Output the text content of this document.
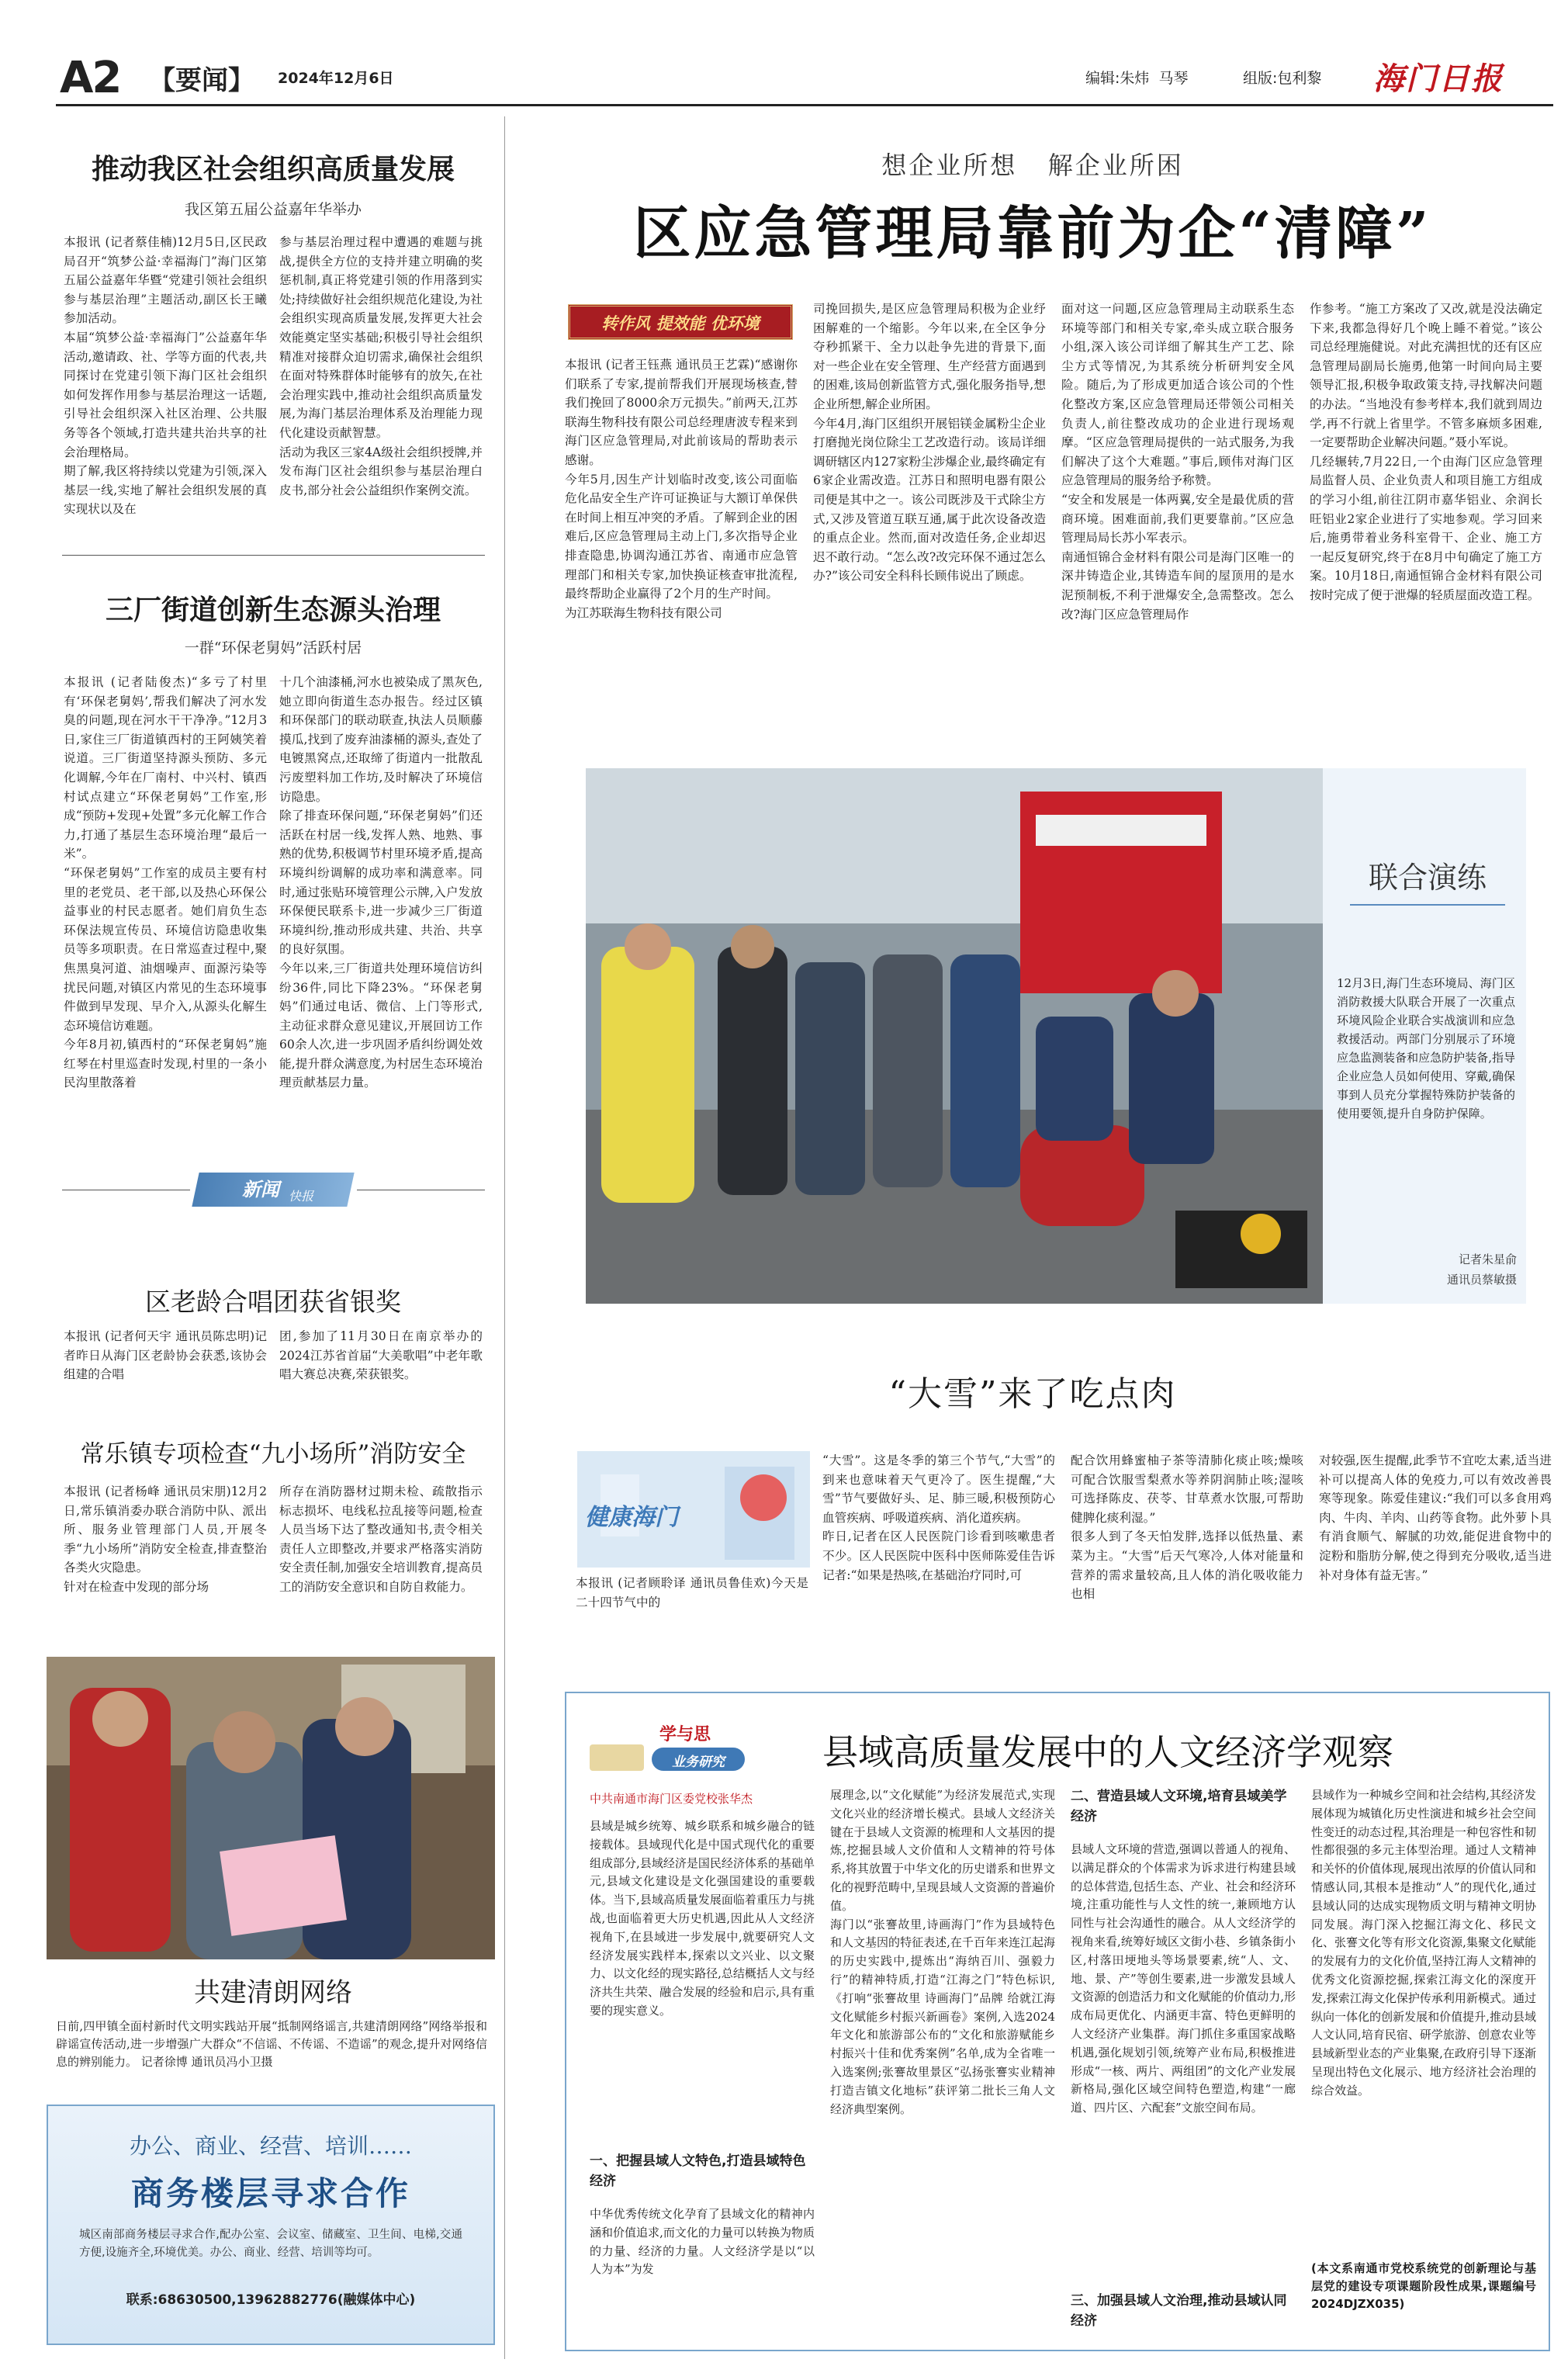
A2 【要闻】 2024年12月6日	编辑:朱炜  马琴	组版:包利黎 海门日报
推动我区社会组织高质量发展
我区第五届公益嘉年华举办
本报讯 (记者蔡佳楠)12月5日,区民政局召开“筑梦公益·幸福海门”海门区第五届公益嘉年华暨“党建引领社会组织参与基层治理”主题活动,副区长王曦参加活动。
本届“筑梦公益·幸福海门”公益嘉年华活动,邀请政、社、学等方面的代表,共同探讨在党建引领下海门区社会组织如何发挥作用参与基层治理这一话题,引导社会组织深入社区治理、公共服务等各个领域,打造共建共治共享的社会治理格局。
期了解,我区将持续以党建为引领,深入基层一线,实地了解社会组织发展的真实现状以及在
参与基层治理过程中遭遇的难题与挑战,提供全方位的支持并建立明确的奖惩机制,真正将党建引领的作用落到实处;持续做好社会组织规范化建设,为社会组织实现高质量发展,发挥更大社会效能奠定坚实基础;积极引导社会组织精准对接群众迫切需求,确保社会组织在面对特殊群体时能够有的放矢,在社会治理实践中,推动社会组织高质量发展,为海门基层治理体系及治理能力现代化建设贡献智慧。
活动为我区三家4A级社会组织授牌,并发布海门区社会组织参与基层治理白皮书,部分社会公益组织作案例交流。
三厂街道创新生态源头治理
一群“环保老舅妈”活跃村居
本报讯 (记者陆俊杰)“多亏了村里有‘环保老舅妈’,帮我们解决了河水发臭的问题,现在河水干干净净。”12月3日,家住三厂街道镇西村的王阿姨笑着说道。三厂街道坚持源头预防、多元化调解,今年在厂南村、中兴村、镇西村试点建立“环保老舅妈”工作室,形成“预防+发现+处置”多元化解工作合力,打通了基层生态环境治理“最后一米”。
“环保老舅妈”工作室的成员主要有村里的老党员、老干部,以及热心环保公益事业的村民志愿者。她们肩负生态环保法规宣传员、环境信访隐患收集员等多项职责。在日常巡查过程中,聚焦黑臭河道、油烟噪声、面源污染等扰民问题,对镇区内常见的生态环境事件做到早发现、早介入,从源头化解生态环境信访难题。
今年8月初,镇西村的“环保老舅妈”施红琴在村里巡查时发现,村里的一条小民沟里散落着
十几个油漆桶,河水也被染成了黑灰色,她立即向街道生态办报告。经过区镇和环保部门的联动联查,执法人员顺藤摸瓜,找到了废弃油漆桶的源头,查处了电镀黑窝点,还取缔了街道内一批散乱污废塑料加工作坊,及时解决了环境信访隐患。
除了排查环保问题,“环保老舅妈”们还活跃在村居一线,发挥人熟、地熟、事熟的优势,积极调节村里环境矛盾,提高环境纠纷调解的成功率和满意率。同时,通过张贴环境管理公示牌,入户发放环保便民联系卡,进一步减少三厂街道环境纠纷,推动形成共建、共治、共享的良好氛围。
今年以来,三厂街道共处理环境信访纠纷36件,同比下降23%。“环保老舅妈”们通过电话、微信、上门等形式,主动征求群众意见建议,开展回访工作60余人次,进一步巩固矛盾纠纷调处效能,提升群众满意度,为村居生态环境治理贡献基层力量。
新闻 快报
区老龄合唱团获省银奖
本报讯 (记者何天宇 通讯员陈忠明)记者昨日从海门区老龄协会获悉,该协会组建的合唱
团,参加了11月30日在南京举办的2024江苏省首届“大美歌唱”中老年歌唱大赛总决赛,荣获银奖。
常乐镇专项检查“九小场所”消防安全
本报讯 (记者杨峰 通讯员宋朋)12月2日,常乐镇消委办联合消防中队、派出所、服务业管理部门人员,开展冬季“九小场所”消防安全检查,排查整治各类火灾隐患。
针对在检查中发现的部分场
所存在消防器材过期未检、疏散指示标志损坏、电线私拉乱接等问题,检查人员当场下达了整改通知书,责令相关责任人立即整改,并要求严格落实消防安全责任制,加强安全培训教育,提高员工的消防安全意识和自防自救能力。
共建清朗网络
日前,四甲镇全面村新时代文明实践站开展“抵制网络谣言,共建清朗网络”网络举报和辟谣宣传活动,进一步增强广大群众“不信谣、不传谣、不造谣”的观念,提升对网络信息的辨别能力。 记者徐博 通讯员冯小卫摄
办公、商业、经营、培训……
商务楼层寻求合作
城区南部商务楼层寻求合作,配办公室、会议室、储藏室、卫生间、电梯,交通方便,设施齐全,环境优美。办公、商业、经营、培训等均可。
联系:68630500,13962882776(融媒体中心)
想企业所想   解企业所困
区应急管理局靠前为企“清障”
转作风 提效能 优环境
本报讯 (记者王钰燕 通讯员王艺霖)“感谢你们联系了专家,提前帮我们开展现场核查,替我们挽回了8000余万元损失。”前两天,江苏联海生物科技有限公司总经理唐波专程来到海门区应急管理局,对此前该局的帮助表示感谢。
今年5月,因生产计划临时改变,该公司面临危化品安全生产许可证换证与大额订单保供在时间上相互冲突的矛盾。了解到企业的困难后,区应急管理局主动上门,多次指导企业排查隐患,协调沟通江苏省、南通市应急管理部门和相关专家,加快换证核查审批流程,最终帮助企业赢得了2个月的生产时间。
为江苏联海生物科技有限公司
司挽回损失,是区应急管理局积极为企业纾困解难的一个缩影。今年以来,在全区争分夺秒抓紧干、全力以赴争先进的背景下,面对一些企业在安全管理、生产经营方面遇到的困难,该局创新监管方式,强化服务指导,想企业所想,解企业所困。
今年4月,海门区组织开展铝镁金属粉尘企业打磨抛光岗位除尘工艺改造行动。该局详细调研辖区内127家粉尘涉爆企业,最终确定有6家企业需改造。江苏日和照明电器有限公司便是其中之一。该公司既涉及干式除尘方式,又涉及管道互联互通,属于此次设备改造的重点企业。然而,面对改造任务,企业却迟迟不敢行动。“怎么改?改完环保不通过怎么办?”该公司安全科科长顾伟说出了顾虑。
面对这一问题,区应急管理局主动联系生态环境等部门和相关专家,牵头成立联合服务小组,深入该公司详细了解其生产工艺、除尘方式等情况,为其系统分析研判安全风险。随后,为了形成更加适合该公司的个性化整改方案,区应急管理局还带领公司相关负责人,前往整改成功的企业进行现场观摩。“区应急管理局提供的一站式服务,为我们解决了这个大难题。”事后,顾伟对海门区应急管理局的服务给予称赞。
“安全和发展是一体两翼,安全是最优质的营商环境。困难面前,我们更要靠前。”区应急管理局局长苏小军表示。
南通恒锦合金材料有限公司是海门区唯一的深井铸造企业,其铸造车间的屋顶用的是水泥预制板,不利于泄爆安全,急需整改。怎么改?海门区应急管理局作
作参考。“施工方案改了又改,就是没法确定下来,我都急得好几个晚上睡不着觉。”该公司总经理施健说。对此充满担忧的还有区应急管理局副局长施勇,他第一时间向局主要领导汇报,积极争取政策支持,寻找解决问题的办法。“当地没有参考样本,我们就到周边学,再不行就上省里学。不管多麻烦多困难,一定要帮助企业解决问题。”聂小军说。
几经辗转,7月22日,一个由海门区应急管理局监督人员、企业负责人和项目施工方组成的学习小组,前往江阴市嘉华铝业、余润长旺铝业2家企业进行了实地参观。学习回来后,施勇带着业务科室骨干、企业、施工方一起反复研究,终于在8月中旬确定了施工方案。10月18日,南通恒锦合金材料有限公司按时完成了便于泄爆的轻质屋面改造工程。
联合演练
12月3日,海门生态环境局、海门区消防救援大队联合开展了一次重点环境风险企业联合实战演训和应急救援活动。两部门分别展示了环境应急监测装备和应急防护装备,指导企业应急人员如何使用、穿戴,确保事到人员充分掌握特殊防护装备的使用要领,提升自身防护保障。
记者朱星俞
通讯员蔡敏摄
“大雪”来了吃点肉
健康海门
本报讯 (记者顾聆译 通讯员鲁佳欢)今天是二十四节气中的
“大雪”。这是冬季的第三个节气,“大雪”的到来也意味着天气更冷了。医生提醒,“大雪”节气要做好头、足、肺三暖,积极预防心血管疾病、呼吸道疾病、消化道疾病。
昨日,记者在区人民医院门诊看到咳嗽患者不少。区人民医院中医科中医师陈爱佳告诉记者:“如果是热咳,在基础治疗同时,可
配合饮用蜂蜜柚子茶等清肺化痰止咳;燥咳可配合饮服雪梨煮水等养阴润肺止咳;湿咳可选择陈皮、茯苓、甘草煮水饮服,可帮助健脾化痰利湿。”
很多人到了冬天怕发胖,选择以低热量、素菜为主。“大雪”后天气寒冷,人体对能量和营养的需求量较高,且人体的消化吸收能力也相
对较强,医生提醒,此季节不宜吃太素,适当进补可以提高人体的免疫力,可以有效改善畏寒等现象。陈爱佳建议:“我们可以多食用鸡肉、牛肉、羊肉、山药等食物。此外萝卜具有消食顺气、解腻的功效,能促进食物中的淀粉和脂肪分解,使之得到充分吸收,适当进补对身体有益无害。”
学与思
业务研究	县域高质量发展中的人文经济学观察
中共南通市海门区委党校张华杰
县域是城乡统筹、城乡联系和城乡融合的链接载体。县域现代化是中国式现代化的重要组成部分,县域经济是国民经济体系的基础单元,县域文化建设是文化强国建设的重要载体。当下,县域高质量发展面临着重压力与挑战,也面临着更大历史机遇,因此从人文经济视角下,在县域进一步发展中,就要研究人文经济发展实践样本,探索以文兴业、以文聚力、以文化经的现实路径,总结概括人文与经济共生共荣、融合发展的经验和启示,具有重要的现实意义。
一、把握县域人文特色,打造县域特色经济
中华优秀传统文化孕育了县域文化的精神内涵和价值追求,而文化的力量可以转换为物质的力量、经济的力量。人文经济学是以“以人为本”为发
展理念,以“文化赋能”为经济发展范式,实现文化兴业的经济增长模式。县域人文经济关键在于县域人文资源的梳理和人文基因的提炼,挖掘县域人文价值和人文精神的符号体系,将其放置于中华文化的历史谱系和世界文化的视野范畴中,呈现县域人文资源的普遍价值。
海门以“张謇故里,诗画海门”作为县域特色和人文基因的特征表述,在千百年来连江起海的历史实践中,提炼出“海纳百川、强毅力行”的精神特质,打造“江海之门”特色标识,《打响“张謇故里 诗画海门”品牌 给就江海文化赋能乡村振兴新画卷》案例,入选2024年文化和旅游部公布的“文化和旅游赋能乡村振兴十佳和优秀案例”名单,成为全省唯一入选案例;张謇故里景区“弘扬张謇实业精神打造吉镇文化地标”获评第二批长三角人文经济典型案例。
二、营造县域人文环境,培育县域美学经济
县域人文环境的营造,强调以普通人的视角、以满足群众的个体需求为诉求进行构建县域的总体营造,包括生态、产业、社会和经济环境,注重功能性与人文性的统一,兼顾地方认同性与社会沟通性的融合。从人文经济学的视角来看,统筹好域区文街小巷、乡镇条街小区,村落田埂地头等场景要素,统“人、文、地、景、产”等创生要素,进一步激发县域人文资源的创造活力和文化赋能的价值动力,形成布局更优化、内涵更丰富、特色更鲜明的人文经济产业集群。海门抓住多重国家战略机遇,强化规划引领,统筹产业布局,积极推进形成“一核、两片、两组团”的文化产业发展新格局,强化区域空间特色塑造,构建“一廊道、四片区、六配套”文旅空间布局。
三、加强县域人文治理,推动县域认同经济
县域作为一种城乡空间和社会结构,其经济发展体现为城镇化历史性演进和城乡社会空间性变迁的动态过程,其治理是一种包容性和韧性都很强的多元主体型治理。通过人文精神和关怀的价值体现,展现出浓厚的价值认同和情感认同,其根本是推动“人”的现代化,通过县域认同的达成实现物质文明与精神文明协同发展。海门深入挖掘江海文化、移民文化、张謇文化等有形文化资源,集聚文化赋能的发展有力的文化价值,坚持江海人文精神的优秀文化资源挖掘,探索江海文化的深度开发,探索江海文化保护传承利用新模式。通过纵向一体化的创新发展和价值提升,推动县域人文认同,培育民宿、研学旅游、创意农业等县域新型业态的产业集聚,在政府引导下逐渐呈现出特色文化展示、地方经济社会治理的综合效益。
(本文系南通市党校系统党的创新理论与基层党的建设专项课题阶段性成果,课题编号2024DJZX035)
